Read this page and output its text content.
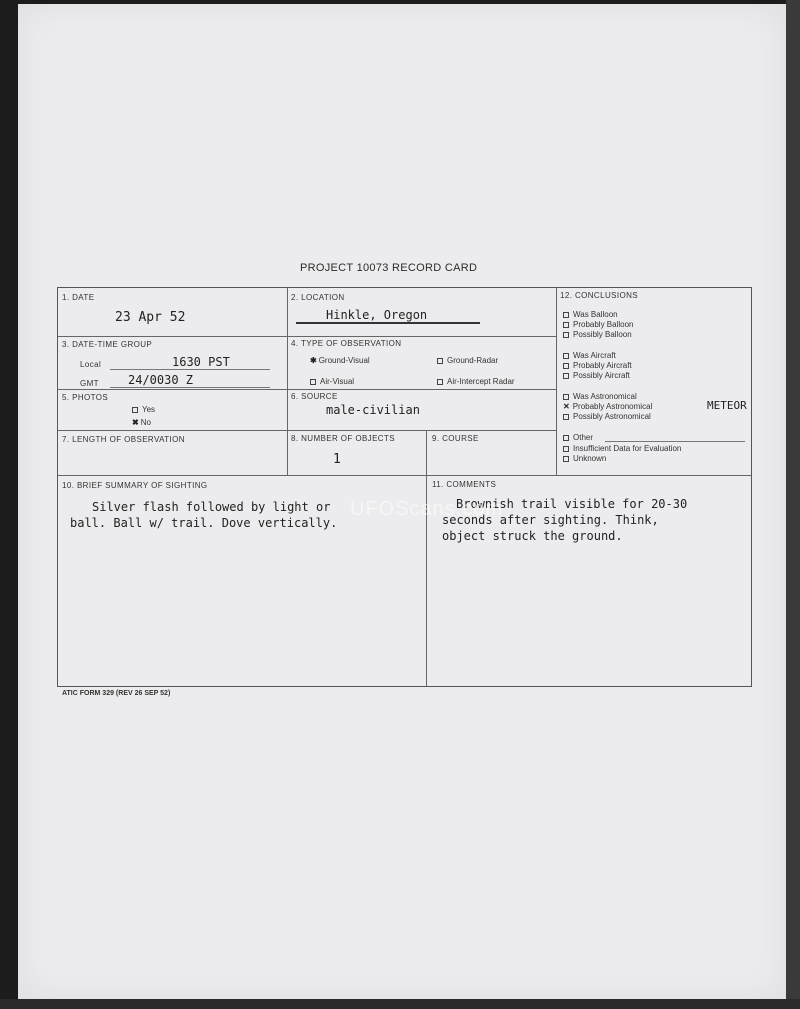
PROJECT 10073 RECORD CARD
1. DATE
23 Apr 52
2. LOCATION
Hinkle, Oregon
3. DATE-TIME GROUP
Local	1630 PST
GMT 24/0030 Z
4. TYPE OF OBSERVATION
✱ Ground-Visual	Ground-Radar
Air-Visual	Air-Intercept Radar
5. PHOTOS
Yes
✖ No
6. SOURCE
male-civilian
7. LENGTH OF OBSERVATION	8. NUMBER OF OBJECTS
1
9. COURSE
10. BRIEF SUMMARY OF SIGHTING
Silver flash followed by light or
ball. Ball w/ trail. Dove vertically.
11. COMMENTS
Brownish trail visible for 20-30
seconds after sighting. Think,
object struck the ground.
UFOScans.com
12. CONCLUSIONS
Was Balloon
Probably Balloon
Possibly Balloon
Was Aircraft
Probably Aircraft
Possibly Aircraft
Was Astronomical
✕ Probably Astronomical	METEOR
Possibly Astronomical
Other
Insufficient Data for Evaluation
Unknown
ATIC FORM 329 (REV 26 SEP 52)
